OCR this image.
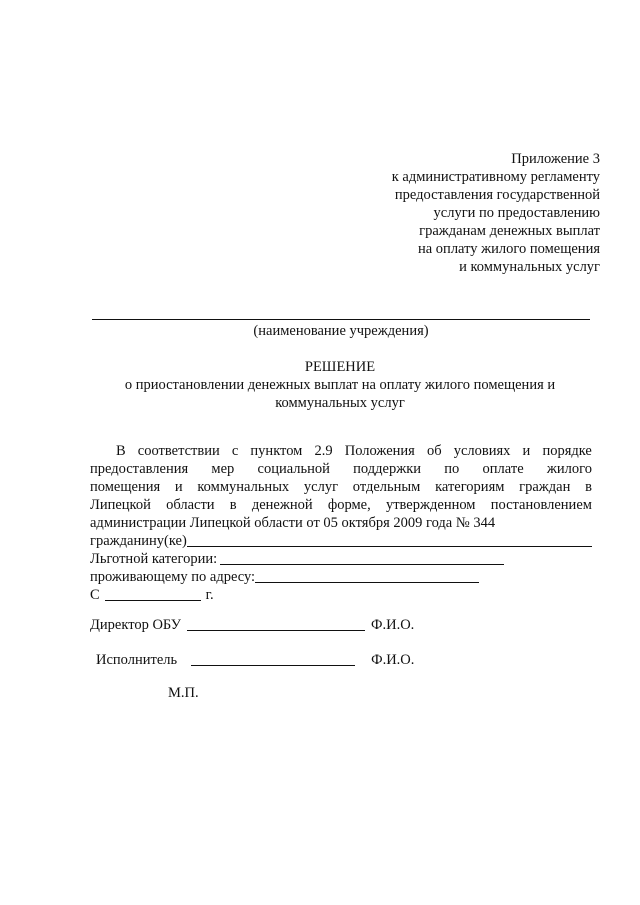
Приложение 3
к административному регламенту
предоставления государственной
услуги по предоставлению
гражданам денежных выплат
на оплату жилого помещения
и коммунальных услуг
(наименование учреждения)
РЕШЕНИЕ
о приостановлении денежных выплат на оплату жилого помещения и
коммунальных услуг
В соответствии с пунктом 2.9 Положения об условиях и порядке
предоставления мер социальной поддержки по оплате жилого
помещения и коммунальных услуг отдельным категориям граждан в
Липецкой области в денежной форме, утвержденном постановлением
администрации Липецкой области от 05 октября 2009 года № 344
гражданину(ке)
Льготной категории:
проживающему по адресу:
С	г.
Директор ОБУ	Ф.И.О.
Исполнитель	Ф.И.О.
М.П.
